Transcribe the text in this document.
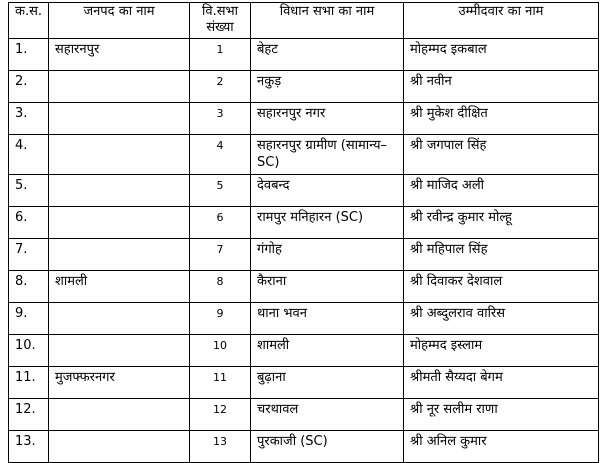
क.स.	जनपद का नाम	वि.सभा संख्या	विधान सभा का नाम	उम्मीदवार का नाम
1.	सहारनपुर	1	बेहट	मोहम्मद इकबाल
2.		2	नकुड़	श्री नवीन
3.		3	सहारनपुर नगर	श्री मुकेश दीक्षित
4.		4	सहारनपुर ग्रामीण (सामान्य– SC)	श्री जगपाल सिंह
5.		5	देवबन्द	श्री माजिद अली
6.		6	रामपुर मनिहारन (SC)	श्री रवीन्द्र कुमार मोल्हू
7.		7	गंगोह	श्री महिपाल सिंह
8.	शामली	8	कैराना	श्री दिवाकर देशवाल
9.		9	थाना भवन	श्री अब्दुलराव वारिस
10.		10	शामली	मोहम्मद इस्लाम
11.	मुजफ्फरनगर	11	बुढ़ाना	श्रीमती सैय्यदा बेगम
12.		12	चरथावल	श्री नूर सलीम राणा
13.		13	पुरकाजी (SC)	श्री अनिल कुमार
